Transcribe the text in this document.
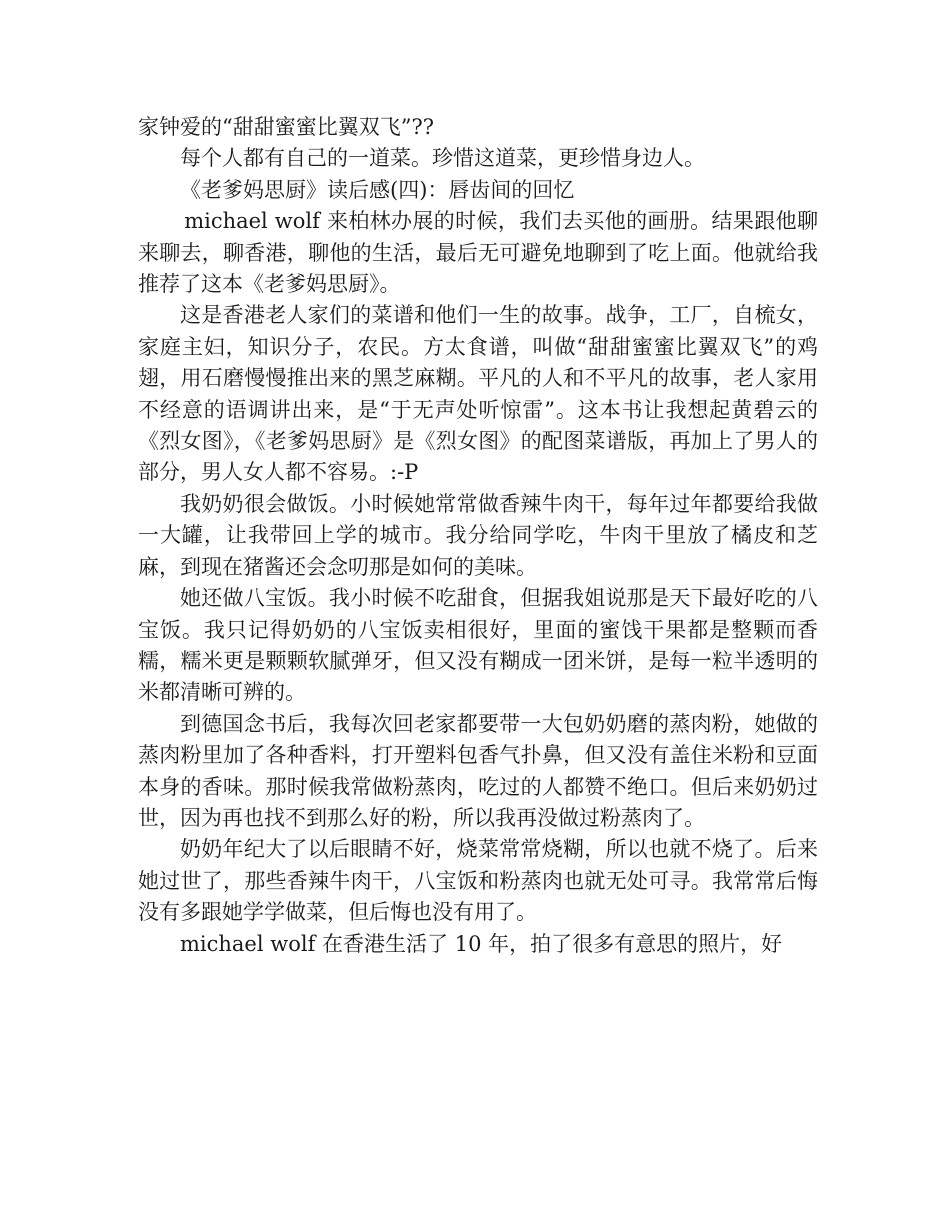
家钟爱的“甜甜蜜蜜比翼双飞”??

每个人都有自己的一道菜。珍惜这道菜，更珍惜身边人。

《老爹妈思厨》读后感(四)：唇齿间的回忆

michael wolf 来柏林办展的时候，我们去买他的画册。结果跟他聊来聊去，聊香港，聊他的生活，最后无可避免地聊到了吃上面。他就给我推荐了这本《老爹妈思厨》。

这是香港老人家们的菜谱和他们一生的故事。战争，工厂，自梳女，家庭主妇，知识分子，农民。方太食谱，叫做“甜甜蜜蜜比翼双飞”的鸡翅，用石磨慢慢推出来的黑芝麻糊。平凡的人和不平凡的故事，老人家用不经意的语调讲出来，是“于无声处听惊雷”。这本书让我想起黄碧云的《烈女图》，《老爹妈思厨》是《烈女图》的配图菜谱版，再加上了男人的部分，男人女人都不容易。:-P

我奶奶很会做饭。小时候她常常做香辣牛肉干，每年过年都要给我做一大罐，让我带回上学的城市。我分给同学吃，牛肉干里放了橘皮和芝麻，到现在猪酱还会念叨那是如何的美味。

她还做八宝饭。我小时候不吃甜食，但据我姐说那是天下最好吃的八宝饭。我只记得奶奶的八宝饭卖相很好，里面的蜜饯干果都是整颗而香糯，糯米更是颗颗软腻弹牙，但又没有糊成一团米饼，是每一粒半透明的米都清晰可辨的。

到德国念书后，我每次回老家都要带一大包奶奶磨的蒸肉粉，她做的蒸肉粉里加了各种香料，打开塑料包香气扑鼻，但又没有盖住米粉和豆面本身的香味。那时候我常做粉蒸肉，吃过的人都赞不绝口。但后来奶奶过世，因为再也找不到那么好的粉，所以我再没做过粉蒸肉了。

奶奶年纪大了以后眼睛不好，烧菜常常烧糊，所以也就不烧了。后来她过世了，那些香辣牛肉干，八宝饭和粉蒸肉也就无处可寻。我常常后悔没有多跟她学学做菜，但后悔也没有用了。

michael wolf 在香港生活了 10 年，拍了很多有意思的照片，好
